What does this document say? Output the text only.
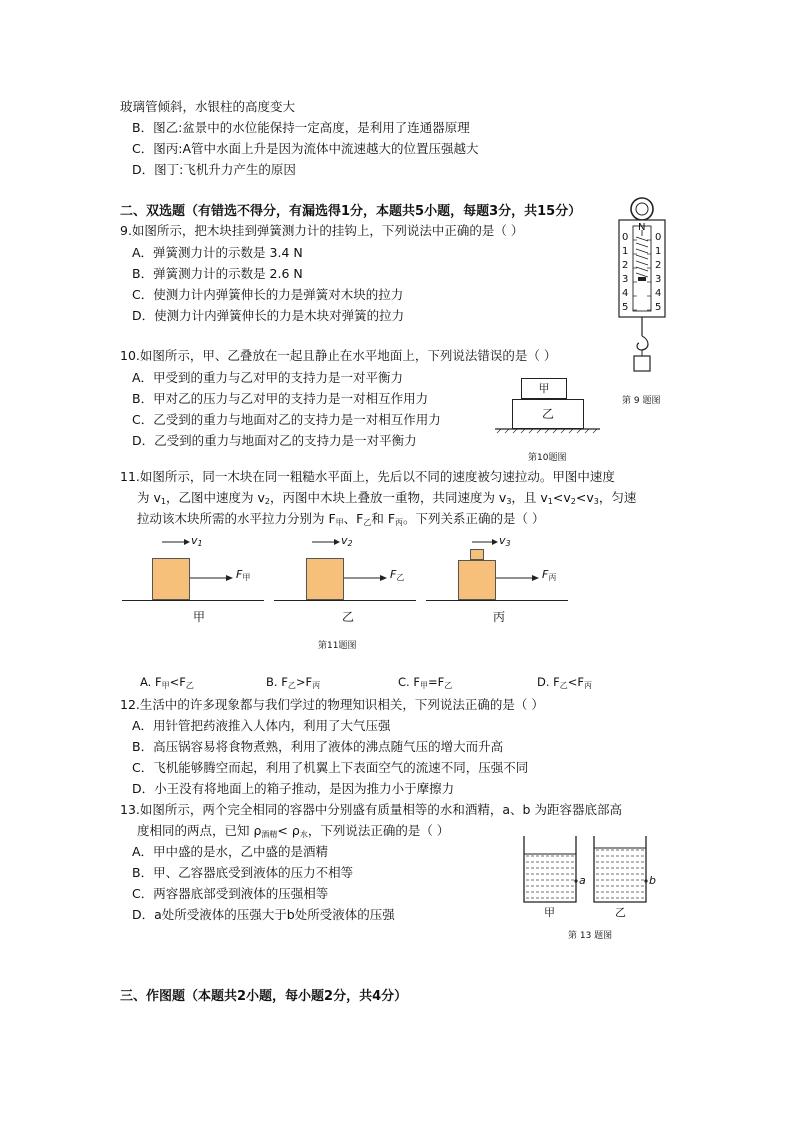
玻璃管倾斜，水银柱的高度变大
B．图乙:盆景中的水位能保持一定高度，是利用了连通器原理
C．图丙:A管中水面上升是因为流体中流速越大的位置压强越大
D．图丁:飞机升力产生的原因
二、双选题（有错选不得分，有漏选得1分，本题共5小题，每题3分，共15分）
9.如图所示，把木块挂到弹簧测力计的挂钩上，下列说法中正确的是（ ）
A．弹簧测力计的示数是 3.4 N
B．弹簧测力计的示数是 2.6 N
C．使测力计内弹簧伸长的力是弹簧对木块的拉力
D．使测力计内弹簧伸长的力是木块对弹簧的拉力
N
0
1
2
3
4
5
0
1
2
3
4
5
第 9 题图
10.如图所示，甲、乙叠放在一起且静止在水平地面上，下列说法错误的是（ ）
A．甲受到的重力与乙对甲的支持力是一对平衡力
B．甲对乙的压力与乙对甲的支持力是一对相互作用力
C．乙受到的重力与地面对乙的支持力是一对相互作用力
D．乙受到的重力与地面对乙的支持力是一对平衡力
甲
乙
第10题图
11.如图所示，同一木块在同一粗糙水平面上，先后以不同的速度被匀速拉动。甲图中速度
为 $v_1$，乙图中速度为 $v_2$，丙图中木块上叠放一重物，共同速度为 $v_3$，且 $v_1<v_2<v_3$，匀速
拉动该木块所需的水平拉力分别为 $F_甲$、$F_乙$和 $F_丙$。下列关系正确的是（ ）
$v_1$
$F_甲$
甲
$v_2$
$F_乙$
乙
$v_3$
$F_丙$
丙
第11题图
A. $F_甲<F_乙$	B. $F_乙>F_丙$	C. $F_甲=F_乙$	D. $F_乙<F_丙$
12.生活中的许多现象都与我们学过的物理知识相关，下列说法正确的是（ ）
A．用针管把药液推入人体内，利用了大气压强
B．高压锅容易将食物煮熟，利用了液体的沸点随气压的增大而升高
C．飞机能够腾空而起，利用了机翼上下表面空气的流速不同，压强不同
D．小王没有将地面上的箱子推动，是因为推力小于摩擦力
13.如图所示，两个完全相同的容器中分别盛有质量相等的水和酒精，a、b 为距容器底部高
度相同的两点，已知 $\rho_{酒精}< \rho_水$，下列说法正确的是（ ）
A．甲中盛的是水，乙中盛的是酒精
B．甲、乙容器底受到液体的压力不相等
C．两容器底部受到液体的压强相等
D．a处所受液体的压强大于b处所受液体的压强
a	b
甲	乙
第 13 题图
三、作图题（本题共2小题，每小题2分，共4分）
